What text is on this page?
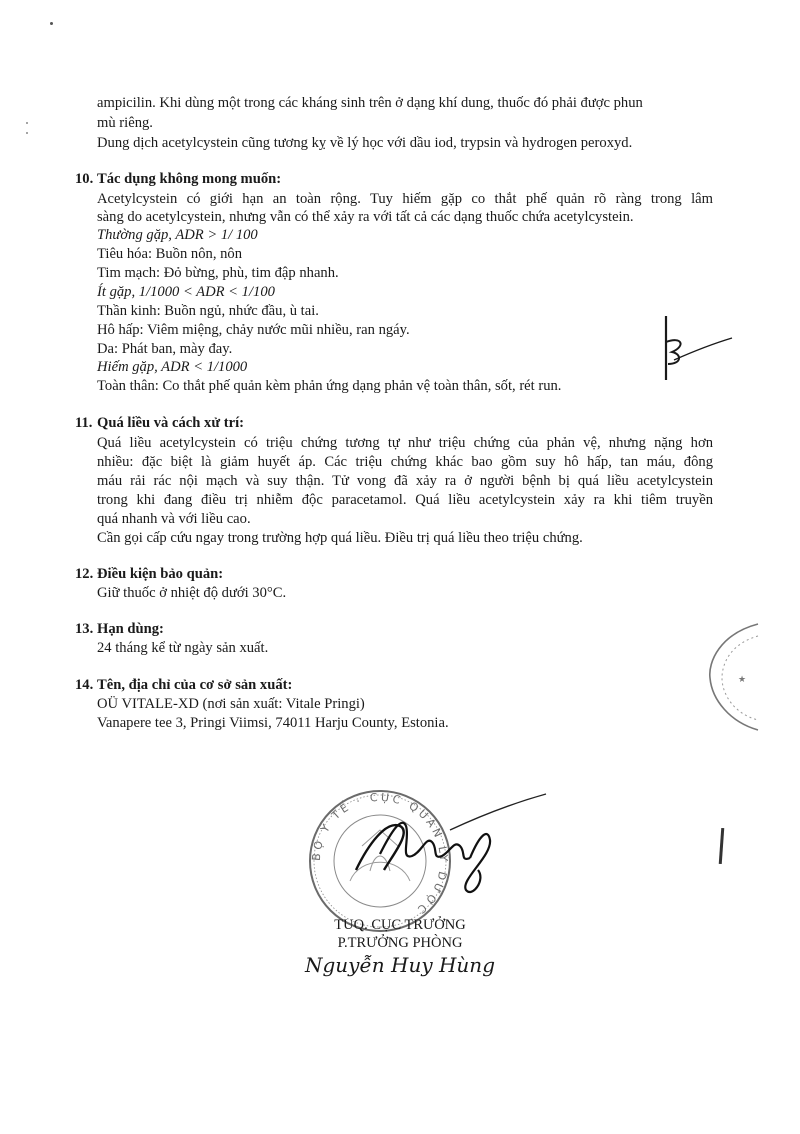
ampicilin. Khi dùng một trong các kháng sinh trên ở dạng khí dung, thuốc đó phải được phun
mù riêng.
Dung dịch acetylcystein cũng tương kỵ về lý học với dầu iod, trypsin và hydrogen peroxyd.
10. Tác dụng không mong muốn:
Acetylcystein có giới hạn an toàn rộng. Tuy hiếm gặp co thắt phế quản rõ ràng trong lâm
sàng do acetylcystein, nhưng vẫn có thể xảy ra với tất cả các dạng thuốc chứa acetylcystein.
Thường gặp, ADR > 1/ 100
Tiêu hóa: Buồn nôn, nôn
Tim mạch: Đỏ bừng, phù, tim đập nhanh.
Ít gặp, 1/1000 < ADR < 1/100
Thần kinh: Buồn ngủ, nhức đầu, ù tai.
Hô hấp: Viêm miệng, chảy nước mũi nhiều, ran ngáy.
Da: Phát ban, mày đay.
Hiếm gặp, ADR < 1/1000
Toàn thân: Co thắt phế quản kèm phản ứng dạng phản vệ toàn thân, sốt, rét run.
11. Quá liều và cách xử trí:
Quá liều acetylcystein có triệu chứng tương tự như triệu chứng của phản vệ, nhưng nặng hơn
nhiều: đặc biệt là giảm huyết áp. Các triệu chứng khác bao gồm suy hô hấp, tan máu, đông
máu rải rác nội mạch và suy thận. Tử vong đã xảy ra ở người bệnh bị quá liều acetylcystein
trong khi đang điều trị nhiễm độc paracetamol. Quá liều acetylcystein xảy ra khi tiêm truyền
quá nhanh và với liều cao.
Cần gọi cấp cứu ngay trong trường hợp quá liều. Điều trị quá liều theo triệu chứng.
12. Điều kiện bảo quản:
Giữ thuốc ở nhiệt độ dưới 30°C.
13. Hạn dùng:
24 tháng kể từ ngày sản xuất.
14. Tên, địa chỉ của cơ sở sản xuất:
OÜ VITALE-XD (nơi sản xuất: Vitale Pringi)
Vanapere tee 3, Pringi Viimsi, 74011 Harju County, Estonia.
★
BỘ Y TẾ · CỤC QUẢN LÝ DƯỢC
TUQ. CỤC TRƯỞNG
P.TRƯỞNG PHÒNG
Nguyễn Huy Hùng
